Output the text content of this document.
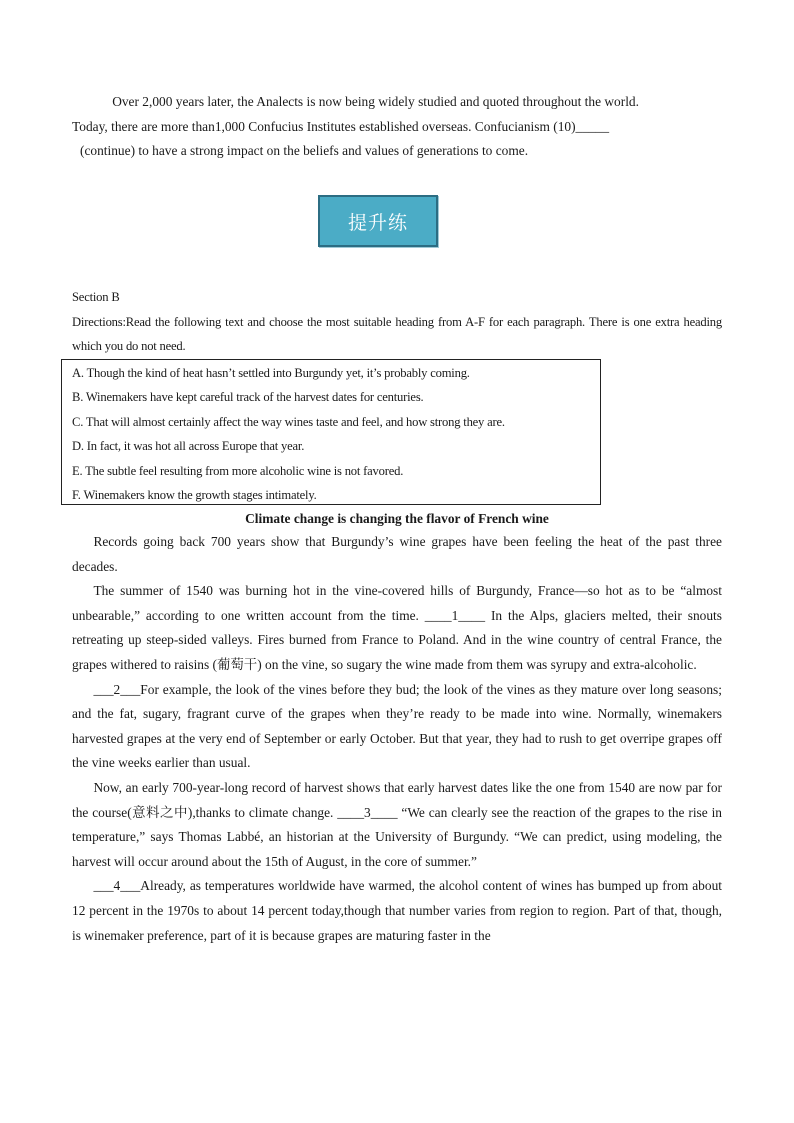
Over 2,000 years later, the Analects is now being widely studied and quoted throughout the world.

Today, there are more than1,000 Confucius Institutes established overseas. Confucianism (10)_____

(continue) to have a strong impact on the beliefs and values of generations to come.

提升练

Section B

Directions:Read the following text and choose the most suitable heading from A-F for each paragraph. There is one extra heading which you do not need.

A. Though the kind of heat hasn’t settled into Burgundy yet, it’s probably coming.

B. Winemakers have kept careful track of the harvest dates for centuries.

C. That will almost certainly affect the way wines taste and feel, and how strong they are.

D. In fact, it was hot all across Europe that year.

E. The subtle feel resulting from more alcoholic wine is not favored.

F. Winemakers know the growth stages intimately.

Climate change is changing the flavor of French wine

Records going back 700 years show that Burgundy’s wine grapes have been feeling the heat of the past three decades.

The summer of 1540 was burning hot in the vine-covered hills of Burgundy, France—so hot as to be “almost unbearable,” according to one written account from the time. ____1____ In the Alps, glaciers melted, their snouts retreating up steep-sided valleys. Fires burned from France to Poland. And in the wine country of central France, the grapes withered to raisins (葡萄干) on the vine, so sugary the wine made from them was syrupy and extra-alcoholic.

___2___For example, the look of the vines before they bud; the look of the vines as they mature over long seasons; and the fat, sugary, fragrant curve of the grapes when they’re ready to be made into wine. Normally, winemakers harvested grapes at the very end of September or early October. But that year, they had to rush to get overripe grapes off the vine weeks earlier than usual.

Now, an early 700-year-long record of harvest shows that early harvest dates like the one from 1540 are now par for the course(意料之中),thanks to climate change. ____3____ “We can clearly see the reaction of the grapes to the rise in temperature,” says Thomas Labbé, an historian at the University of Burgundy. “We can predict, using modeling, the harvest will occur around about the 15th of August, in the core of summer.”

___4___Already, as temperatures worldwide have warmed, the alcohol content of wines has bumped up from about 12 percent in the 1970s to about 14 percent today,though that number varies from region to region. Part of that, though, is winemaker preference, part of it is because grapes are maturing faster in the
